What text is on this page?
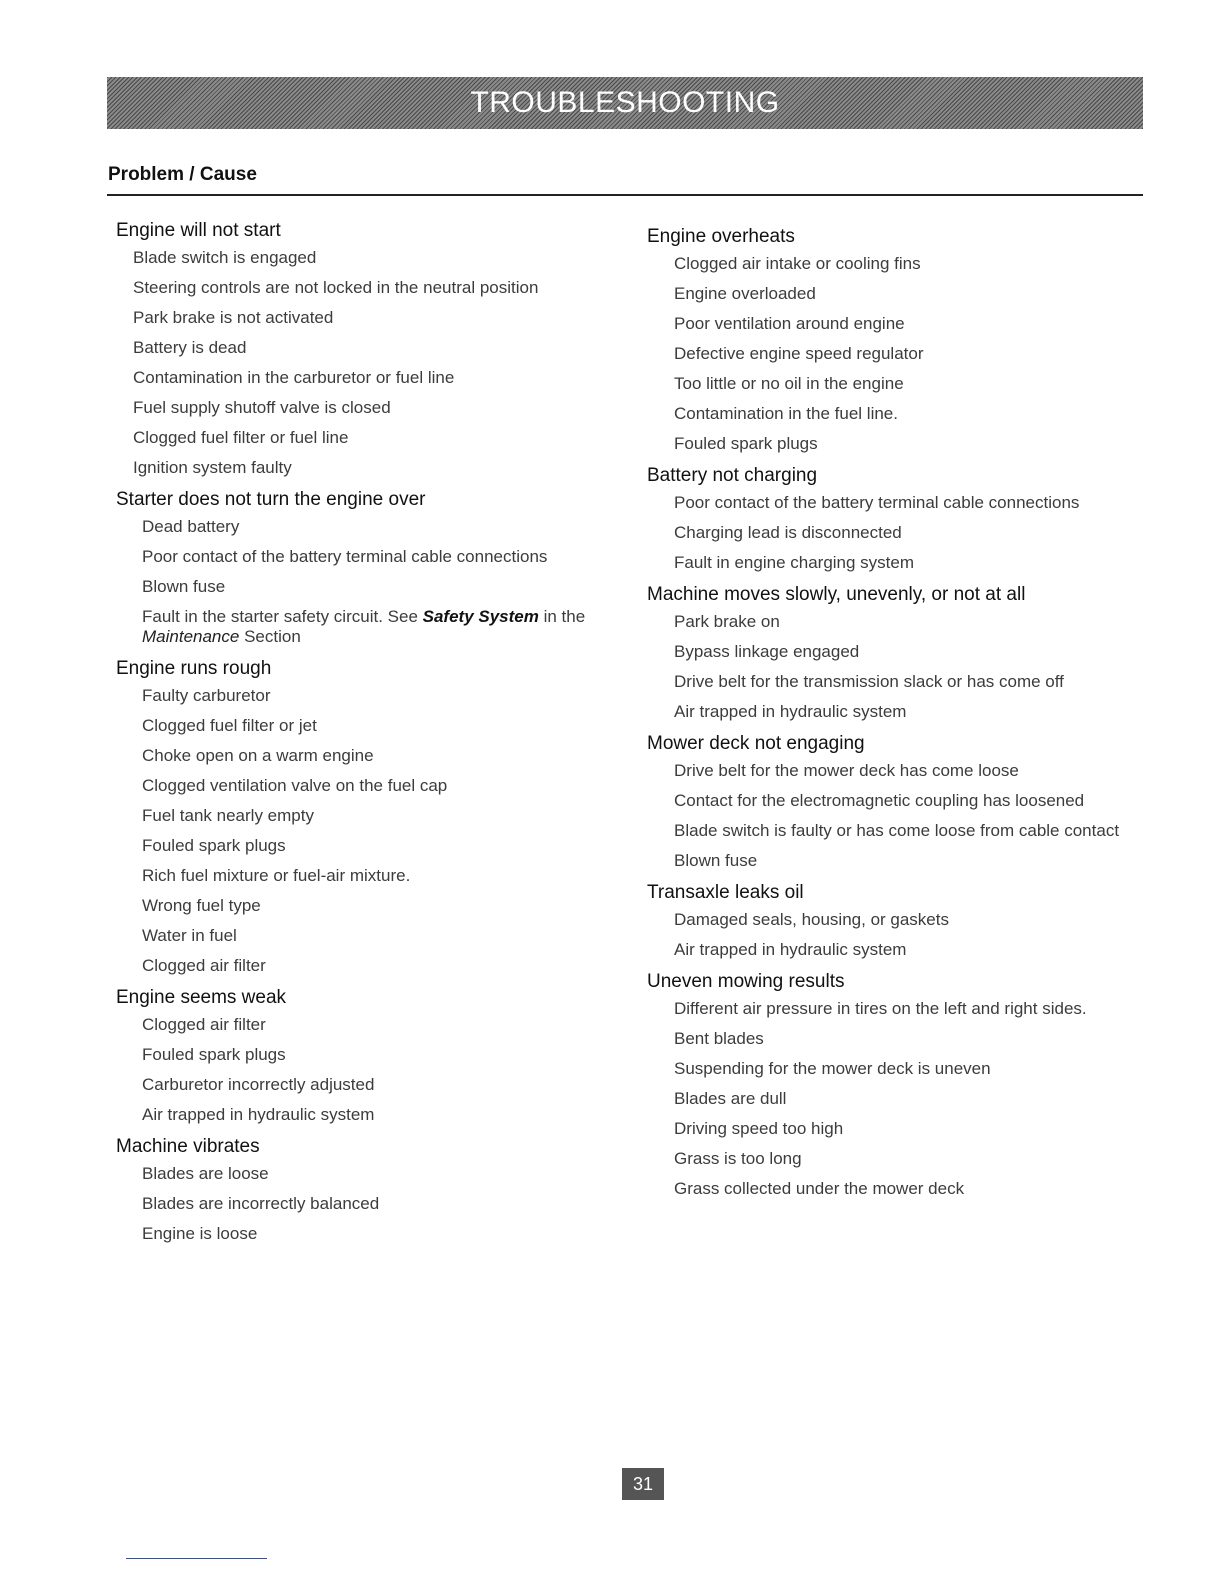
TROUBLESHOOTING
Problem / Cause
Engine will not start
Blade switch is engaged
Steering controls are not locked in the neutral position
Park brake is not activated
Battery is dead
Contamination in the carburetor or fuel line
Fuel supply shutoff valve is closed
Clogged fuel filter or fuel line
Ignition system faulty
Starter does not turn the engine over
Dead battery
Poor contact of the battery terminal cable connections
Blown fuse
Fault in the starter safety circuit. See Safety System in the Maintenance Section
Engine runs rough
Faulty carburetor
Clogged fuel filter or jet
Choke open on a warm engine
Clogged ventilation valve on the fuel cap
Fuel tank nearly empty
Fouled spark plugs
Rich fuel mixture or fuel-air mixture.
Wrong fuel type
Water in fuel
Clogged air filter
Engine seems weak
Clogged air filter
Fouled spark plugs
Carburetor incorrectly adjusted
Air trapped in hydraulic system
Machine vibrates
Blades are loose
Blades are incorrectly balanced
Engine is loose
Engine overheats
Clogged air intake or cooling fins
Engine overloaded
Poor ventilation around engine
Defective engine speed regulator
Too little or no oil in the engine
Contamination in the fuel line.
Fouled spark plugs
Battery not charging
Poor contact of the battery terminal cable connections
Charging lead is disconnected
Fault in engine charging system
Machine moves slowly, unevenly, or not at all
Park brake on
Bypass linkage engaged
Drive belt for the transmission slack or has come off
Air trapped in hydraulic system
Mower deck not engaging
Drive belt for the mower deck has come loose
Contact for the electromagnetic coupling has loosened
Blade switch is faulty or has come loose from cable contact
Blown fuse
Transaxle leaks oil
Damaged seals, housing, or gaskets
Air trapped in hydraulic system
Uneven mowing results
Different air pressure in tires on the left and right sides.
Bent blades
Suspending for the mower deck is uneven
Blades are dull
Driving speed too high
Grass is too long
Grass collected under the mower deck
31
